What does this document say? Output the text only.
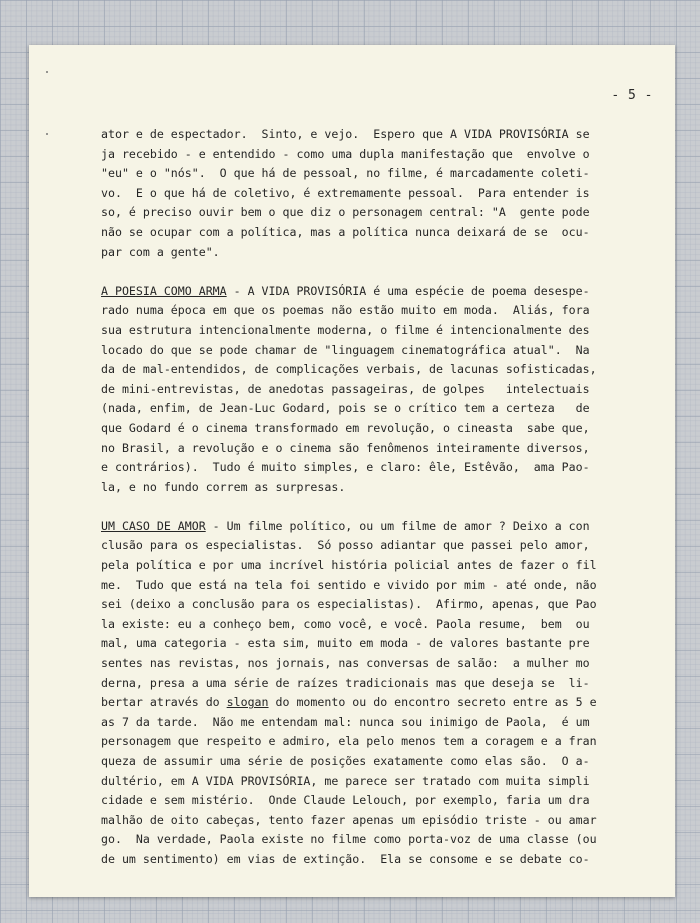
- 5 -
ator e de espectador.  Sinto, e vejo.  Espero que A VIDA PROVISÓRIA se
ja recebido - e entendido - como uma dupla manifestação que  envolve o
"eu" e o "nós".  O que há de pessoal, no filme, é marcadamente coleti-
vo.  E o que há de coletivo, é extremamente pessoal.  Para entender is
so, é preciso ouvir bem o que diz o personagem central: "A  gente pode
não se ocupar com a política, mas a política nunca deixará de se  ocu-
par com a gente".
A POESIA COMO ARMA - A VIDA PROVISÓRIA é uma espécie de poema desespe-
rado numa época em que os poemas não estão muito em moda.  Aliás, fora
sua estrutura intencionalmente moderna, o filme é intencionalmente des
locado do que se pode chamar de "linguagem cinematográfica atual".  Na
da de mal-entendidos, de complicações verbais, de lacunas sofisticadas,
de mini-entrevistas, de anedotas passageiras, de golpes   intelectuais
(nada, enfim, de Jean-Luc Godard, pois se o crítico tem a certeza   de
que Godard é o cinema transformado em revolução, o cineasta  sabe que,
no Brasil, a revolução e o cinema são fenômenos inteiramente diversos,
e contrários).  Tudo é muito simples, e claro: êle, Estêvão,  ama Pao-
la, e no fundo correm as surpresas.
UM CASO DE AMOR - Um filme político, ou um filme de amor ? Deixo a con
clusão para os especialistas.  Só posso adiantar que passei pelo amor,
pela política e por uma incrível história policial antes de fazer o fil
me.  Tudo que está na tela foi sentido e vivido por mim - até onde, não
sei (deixo a conclusão para os especialistas).  Afirmo, apenas, que Pao
la existe: eu a conheço bem, como você, e você. Paola resume,  bem  ou
mal, uma categoria - esta sim, muito em moda - de valores bastante pre
sentes nas revistas, nos jornais, nas conversas de salão:  a mulher mo
derna, presa a uma série de raízes tradicionais mas que deseja se  li-
bertar através do slogan do momento ou do encontro secreto entre as 5 e
as 7 da tarde.  Não me entendam mal: nunca sou inimigo de Paola,  é um
personagem que respeito e admiro, ela pelo menos tem a coragem e a fran
queza de assumir uma série de posições exatamente como elas são.  O a-
dultério, em A VIDA PROVISÓRIA, me parece ser tratado com muita simpli
cidade e sem mistério.  Onde Claude Lelouch, por exemplo, faria um dra
malhão de oito cabeças, tento fazer apenas um episódio triste - ou amar
go.  Na verdade, Paola existe no filme como porta-voz de uma classe (ou
de um sentimento) em vias de extinção.  Ela se consome e se debate co-
